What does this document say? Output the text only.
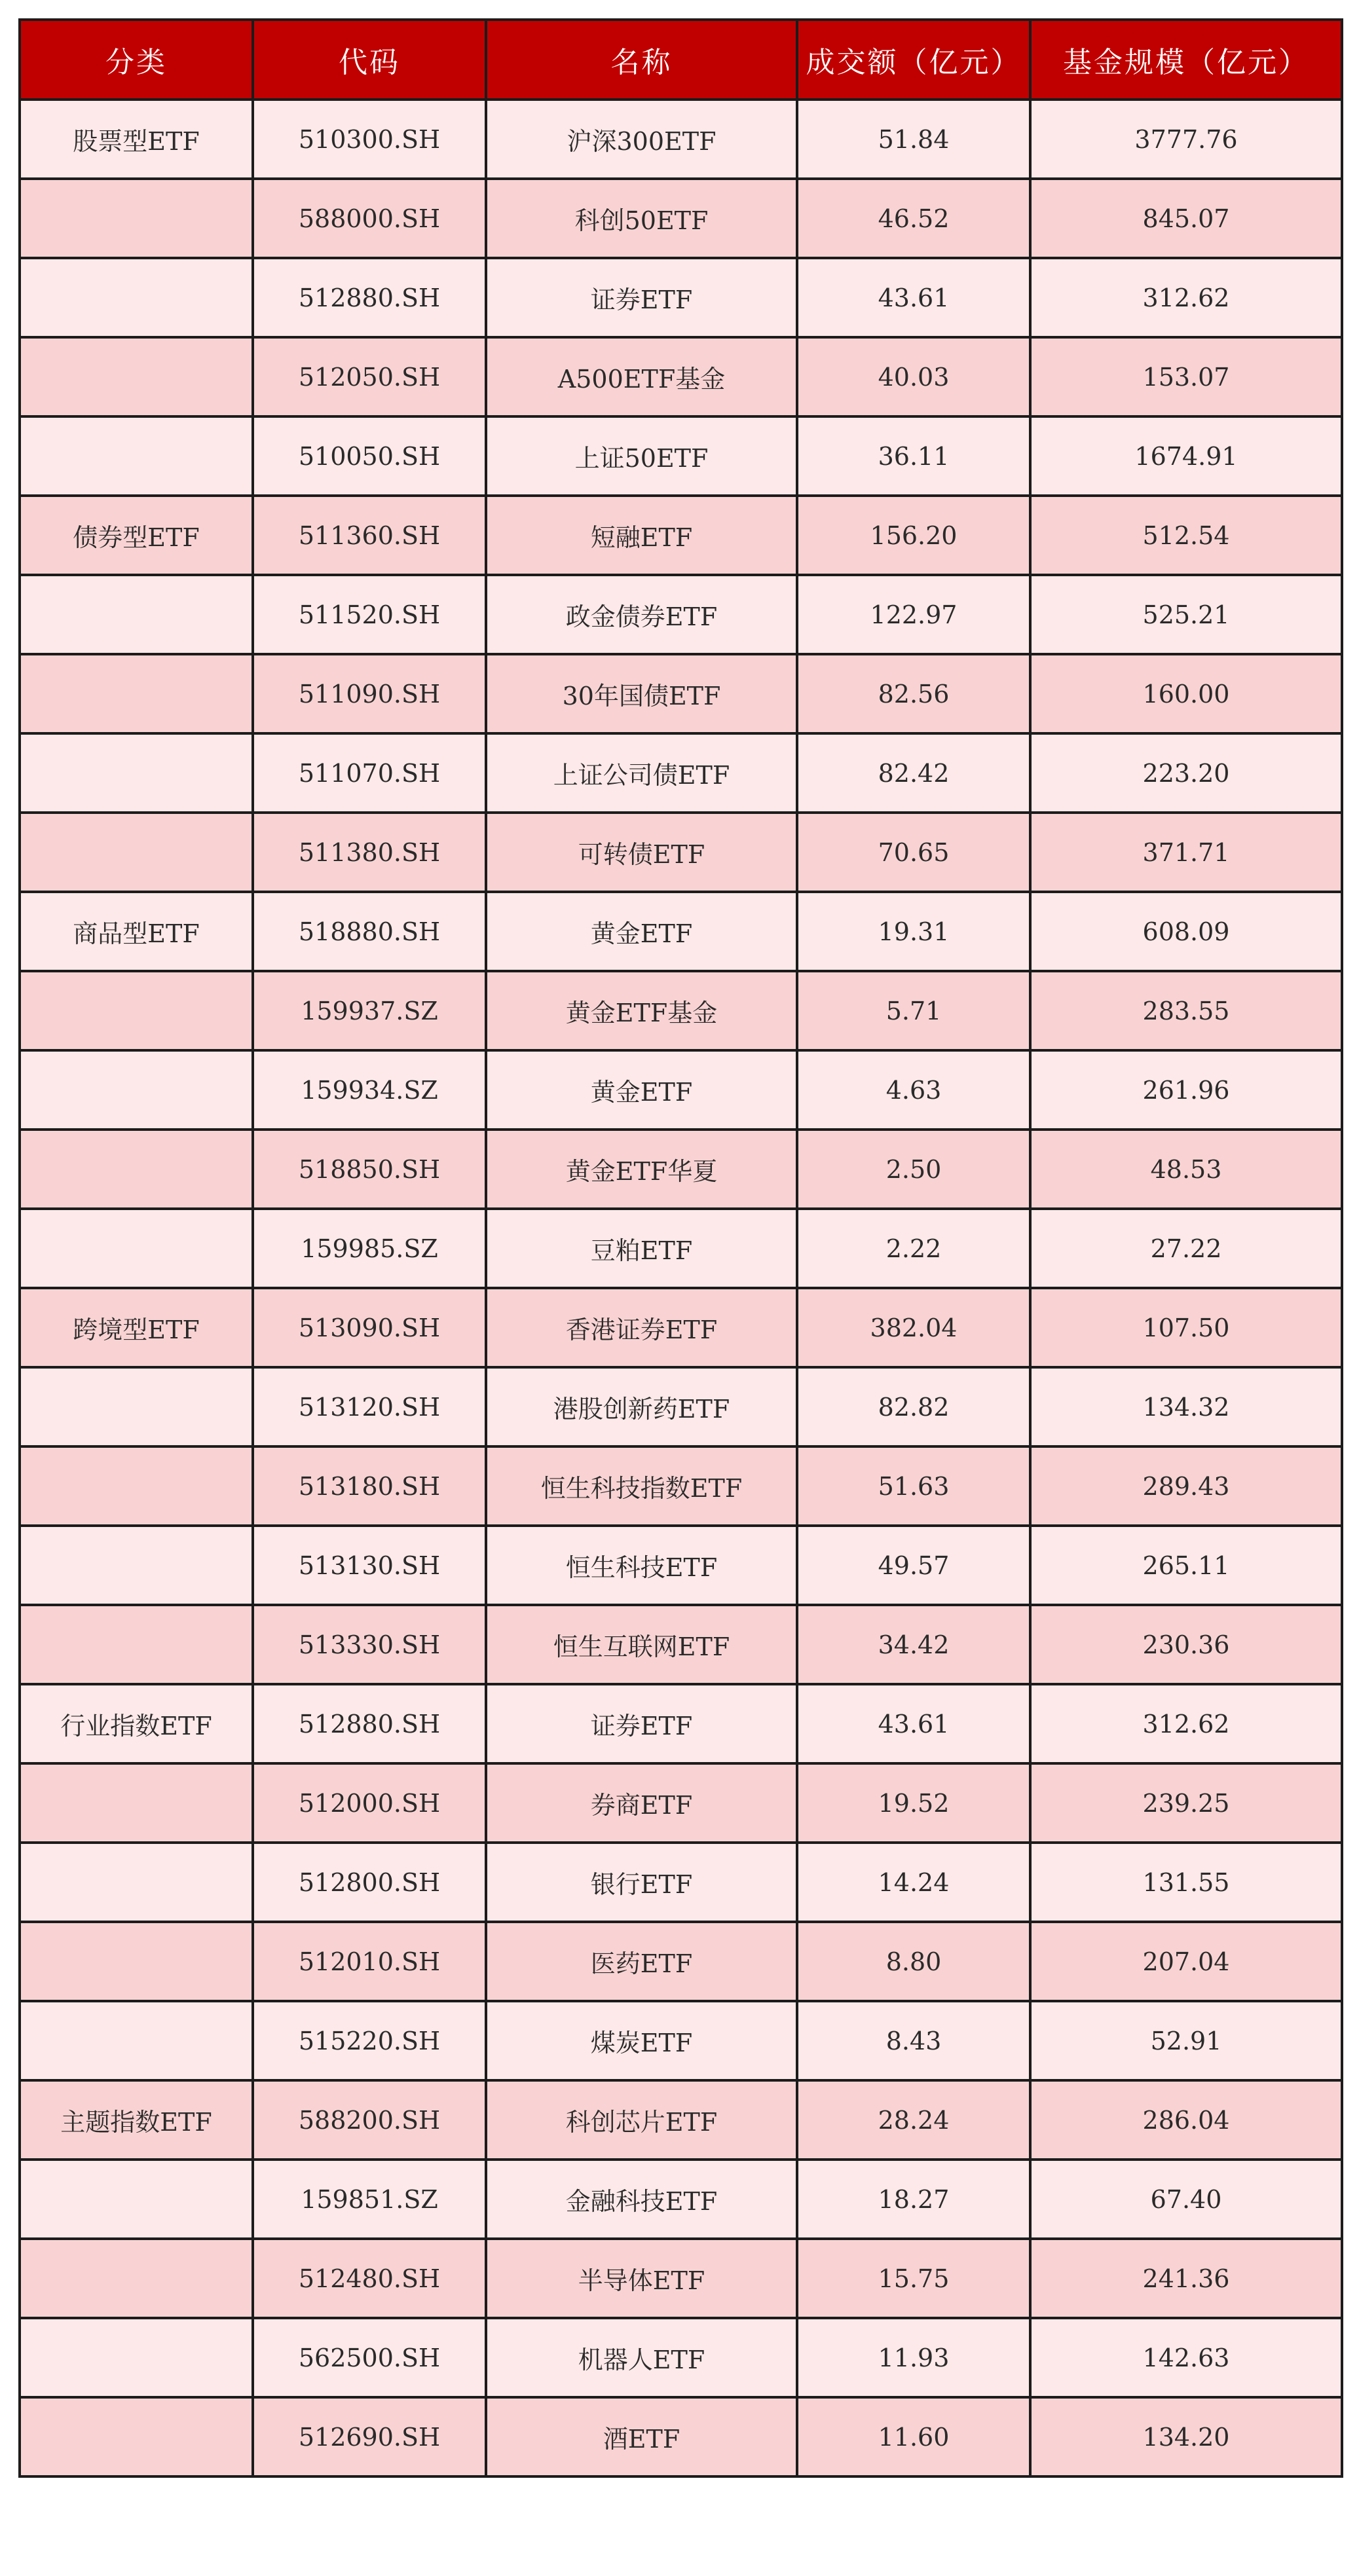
分类	代码	名称	成交额（亿元）	基金规模（亿元）
股票型ETF	510300.SH	沪深300ETF	51.84	3777.76
	588000.SH	科创50ETF	46.52	845.07
	512880.SH	证券ETF	43.61	312.62
	512050.SH	A500ETF基金	40.03	153.07
	510050.SH	上证50ETF	36.11	1674.91
债券型ETF	511360.SH	短融ETF	156.20	512.54
	511520.SH	政金债券ETF	122.97	525.21
	511090.SH	30年国债ETF	82.56	160.00
	511070.SH	上证公司债ETF	82.42	223.20
	511380.SH	可转债ETF	70.65	371.71
商品型ETF	518880.SH	黄金ETF	19.31	608.09
	159937.SZ	黄金ETF基金	5.71	283.55
	159934.SZ	黄金ETF	4.63	261.96
	518850.SH	黄金ETF华夏	2.50	48.53
	159985.SZ	豆粕ETF	2.22	27.22
跨境型ETF	513090.SH	香港证券ETF	382.04	107.50
	513120.SH	港股创新药ETF	82.82	134.32
	513180.SH	恒生科技指数ETF	51.63	289.43
	513130.SH	恒生科技ETF	49.57	265.11
	513330.SH	恒生互联网ETF	34.42	230.36
行业指数ETF	512880.SH	证券ETF	43.61	312.62
	512000.SH	券商ETF	19.52	239.25
	512800.SH	银行ETF	14.24	131.55
	512010.SH	医药ETF	8.80	207.04
	515220.SH	煤炭ETF	8.43	52.91
主题指数ETF	588200.SH	科创芯片ETF	28.24	286.04
	159851.SZ	金融科技ETF	18.27	67.40
	512480.SH	半导体ETF	15.75	241.36
	562500.SH	机器人ETF	11.93	142.63
	512690.SH	酒ETF	11.60	134.20
